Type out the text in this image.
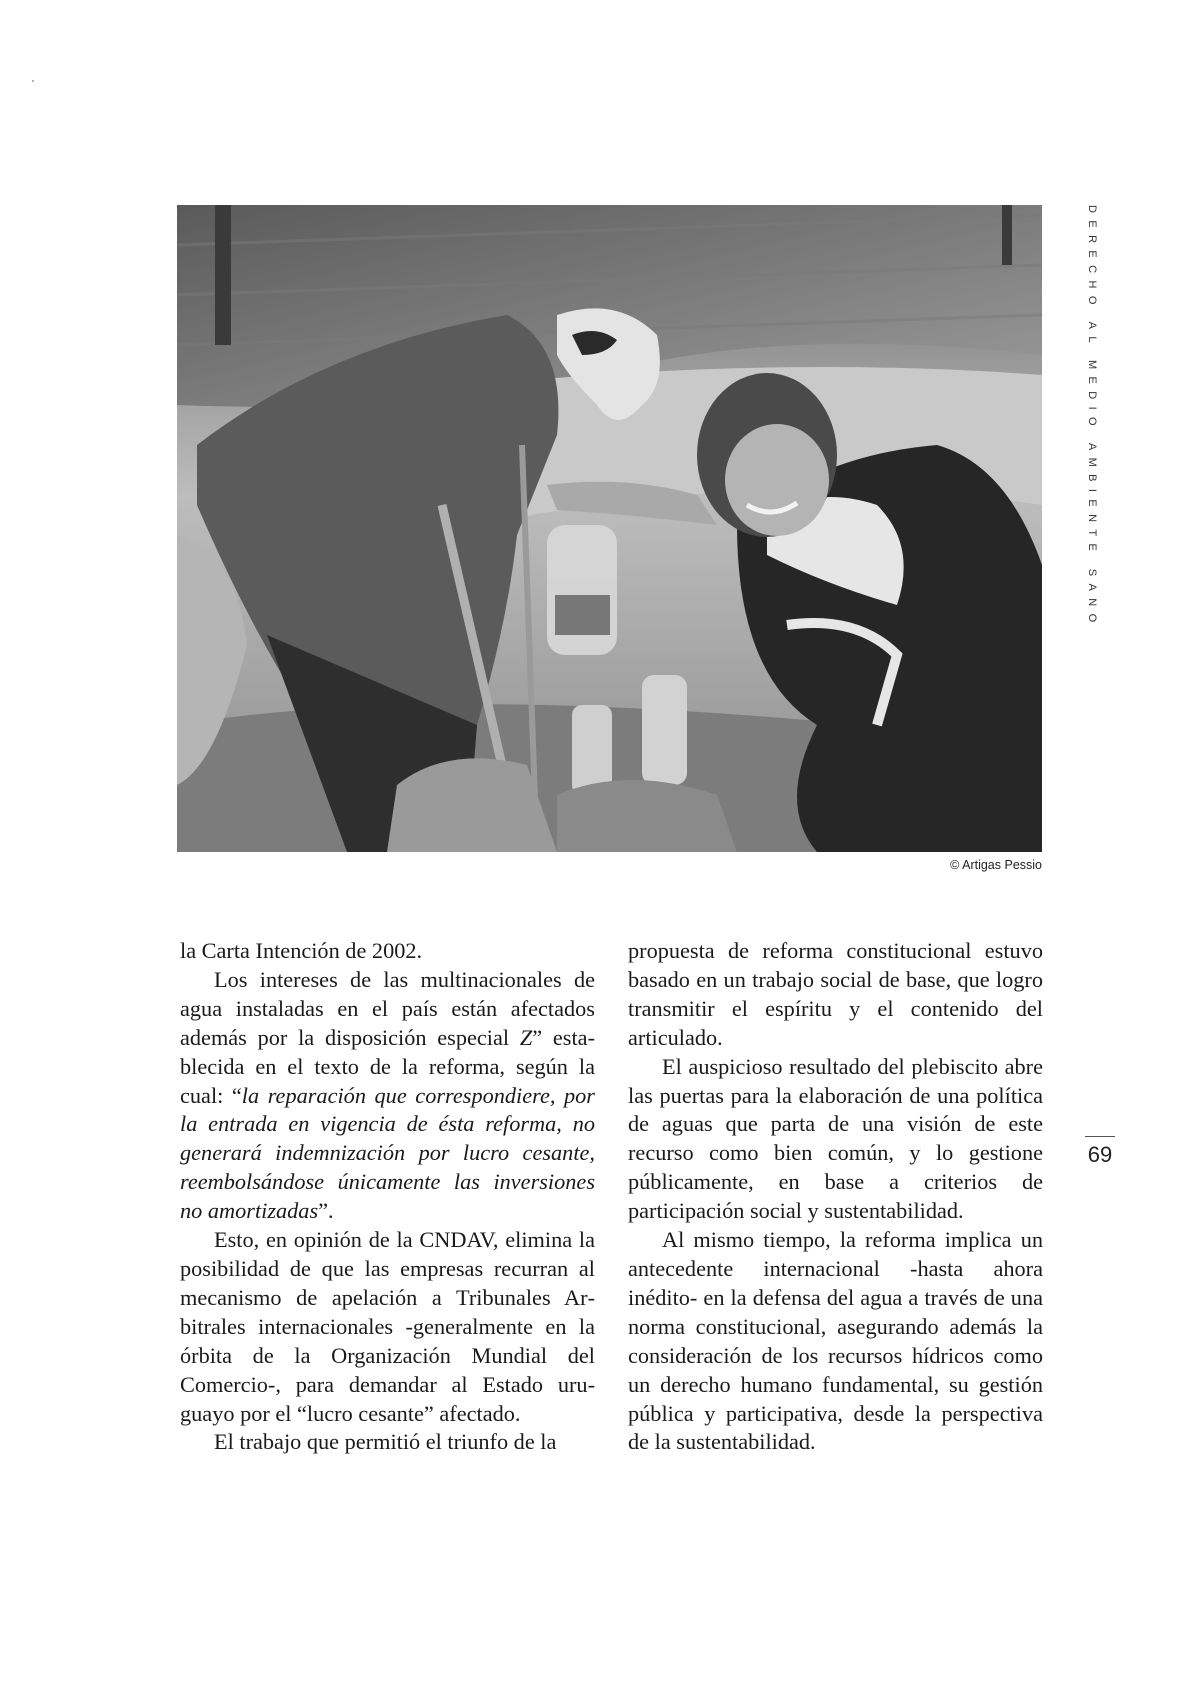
© Artigas Pessio
DERECHO AL MEDIO AMBIENTE SANO
69

la Carta Intención de 2002.

Los intereses de las multinacionales de agua instaladas en el país están afectados además por la disposición especial Z” establecida en el texto de la reforma, según la cual: “la reparación que correspondiere, por la entrada en vigencia de ésta reforma, no generará indemnización por lucro cesante, reembolsándose únicamente las inversiones no amortizadas”.

Esto, en opinión de la CNDAV, elimina la posibilidad de que las empresas recurran al mecanismo de apelación a Tribunales Arbitrales internacionales -generalmente en la órbita de la Organización Mundial del Comercio-, para demandar al Estado uruguayo por el “lucro cesante” afectado.

El trabajo que permitió el triunfo de la

propuesta de reforma constitucional estuvo basado en un trabajo social de base, que logro transmitir el espíritu y el contenido del articulado.

El auspicioso resultado del plebiscito abre las puertas para la elaboración de una política de aguas que parta de una visión de este recurso como bien común, y lo gestione públicamente, en base a criterios de participación social y sustentabilidad.

Al mismo tiempo, la reforma implica un antecedente internacional -hasta ahora inédito- en la defensa del agua a través de una norma constitucional, asegurando además la consideración de los recursos hídricos como un derecho humano fundamental, su gestión pública y participativa, desde la perspectiva de la sustentabilidad.
